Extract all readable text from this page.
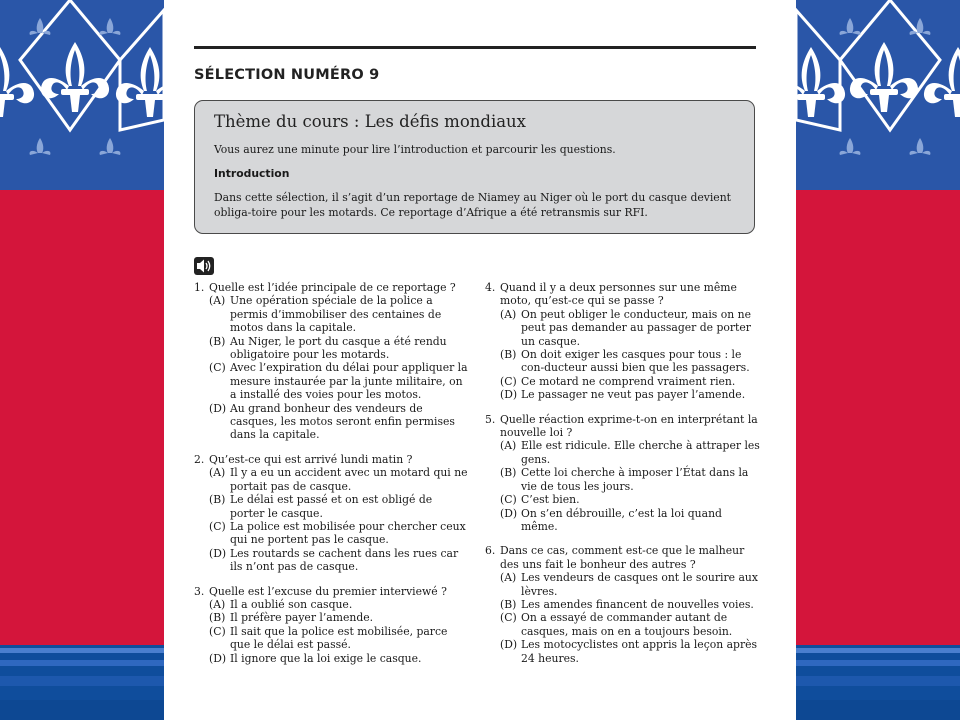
SÉLECTION NUMÉRO 9
Thème du cours : Les défis mondiaux
Vous aurez une minute pour lire l’introduction et parcourir les questions.
Introduction
Dans cette sélection, il s’agit d’un reportage de Niamey au Niger où le port du casque devient obliga-toire pour les motards. Ce reportage d’Afrique a été retransmis sur RFI.
1. Quelle est l’idée principale de ce reportage ?
(A) Une opération spéciale de la police a permis d’immobiliser des centaines de motos dans la capitale.
(B) Au Niger, le port du casque a été rendu obligatoire pour les motards.
(C) Avec l’expiration du délai pour appliquer la mesure instaurée par la junte militaire, on a installé des voies pour les motos.
(D) Au grand bonheur des vendeurs de casques, les motos seront enfin permises dans la capitale.
2. Qu’est-ce qui est arrivé lundi matin ?
(A) Il y a eu un accident avec un motard qui ne portait pas de casque.
(B) Le délai est passé et on est obligé de porter le casque.
(C) La police est mobilisée pour chercher ceux qui ne portent pas le casque.
(D) Les routards se cachent dans les rues car ils n’ont pas de casque.
3. Quelle est l’excuse du premier interviewé ?
(A) Il a oublié son casque.
(B) Il préfère payer l’amende.
(C) Il sait que la police est mobilisée, parce que le délai est passé.
(D) Il ignore que la loi exige le casque.
4. Quand il y a deux personnes sur une même moto, qu’est-ce qui se passe ?
(A) On peut obliger le conducteur, mais on ne peut pas demander au passager de porter un casque.
(B) On doit exiger les casques pour tous : le con-ducteur aussi bien que les passagers.
(C) Ce motard ne comprend vraiment rien.
(D) Le passager ne veut pas payer l’amende.
5. Quelle réaction exprime-t-on en interprétant la nouvelle loi ?
(A) Elle est ridicule. Elle cherche à attraper les gens.
(B) Cette loi cherche à imposer l’État dans la vie de tous les jours.
(C) C’est bien.
(D) On s’en débrouille, c’est la loi quand même.
6. Dans ce cas, comment est-ce que le malheur des uns fait le bonheur des autres ?
(A) Les vendeurs de casques ont le sourire aux lèvres.
(B) Les amendes financent de nouvelles voies.
(C) On a essayé de commander autant de casques, mais on en a toujours besoin.
(D) Les motocyclistes ont appris la leçon après 24 heures.
